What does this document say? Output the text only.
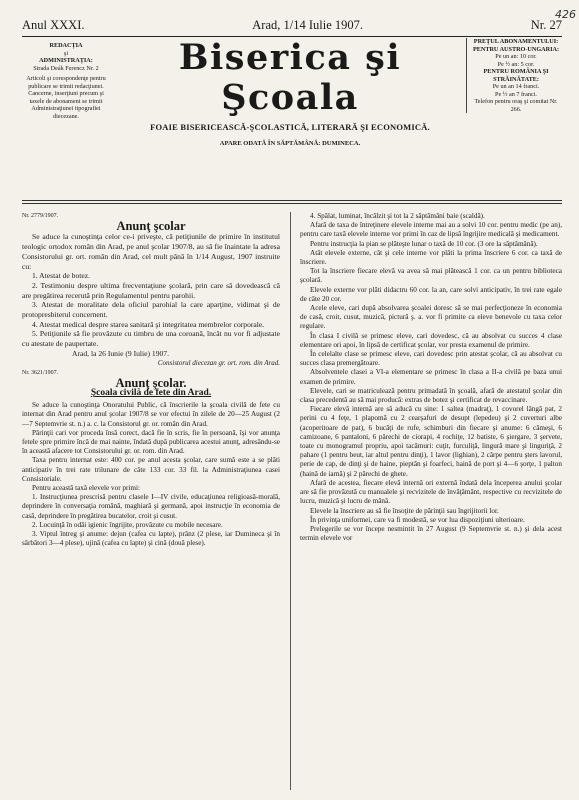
Anul XXXI.	Arad, 1/14 Iulie 1907.	Nr. 27
426
REDACŢIA
şi
ADMINISTRAŢIA:
Strada Deák Ferencz Nr. 2
Articoli şi corespondenţe pentru publicare se trimit redacţiunei.
Cancerne, inserţiuni precum şi taxele de abonament se trimit Administraţiunei tipografiei diecezane.
Biserica şi Şcoala
FOAIE BISERICEASCĂ-ŞCOLASTICĂ, LITERARĂ ŞI ECONOMICĂ.
APARE ODATĂ ÎN SĂPTĂMÂNĂ: DUMINECA.
PREŢUL ABONAMENTULUI:
PENTRU AUSTRO-UNGARIA:
Pe un an: 10 cor.
Pe ½ an: 5 cor.
PENTRU ROMÂNIA ŞI STRĂINĂTATE:
Pe un an 14 franci.
Pe ½ an 7 franci.
Telefon pentru oraş şi comitat Nr. 266.
Nr. 2779/1907.
Anunţ şcolar

Se aduce la cunoştinţa celor ce-i priveşte, că petiţiunile de primire în institutul teologic ortodox român din Arad, pe anul şcolar 1907/8, au să fie înaintate la adresa Consistorului gr. ort. român din Arad, cel mult până în 1/14 August, 1907 instruite cu:

1. Atestat de botez.

2. Testimoniu despre ultima frecventaţiune şcolară, prin care să dovedească că are pregătirea recerută prin Regulamentul pentru parohii.

3. Atestat de moralitate dela oficiul parohial la care aparţine, vidimat şi de protopresbiterul concernent.

4. Atestat medical despre starea sanitară şi integritatea membrelor corporale.

5. Petiţiunile să fie provăzute cu timbru de una coroană, încât nu vor fi adjustate cu atestate de paupertate.

Arad, la 26 Iunie (9 Iulie) 1907.

Consistorul diecezan gr. ort. rom. din Arad.
Nr. 3621/1907.
Anunţ şcolar.
Şcoala civilă de fete din Arad.

Se aduce la cunoştinţa Onoratului Public, că înscrierile la şcoala civilă de fete cu internat din Arad pentru anul şcolar 1907/8 se vor efectui în zilele de 20—25 August (2—7 Septemvrie st. n.) a. c. la Consistorul gr. or. român din Arad.

Părinţii cari vor proceda însă corect, dacă fie în scris, fie în persoană, îşi vor anunţa fetele spre primire încă de mai nainte, îndată după publicarea acestui anunţ, adresându-se în această afacere tot Consistorului gr. or. rom. din Arad.

Taxa pentru internat este: 400 cor. pe anul acesta şcolar, care sumă este a se plăti anticipativ în trei rate trilunare de câte 133 cor. 33 fil. la Administraţiunea casei Consistoriale.

Pentru această taxă elevele vor primi:

1. Instrucţiunea prescrisă pentru clasele I—IV civile, educaţiunea religioasă-morală, deprindere în conversaţia română, maghiară şi germană, apoi instrucţie în economia de casă, deprindere în pregătirea bucatelor, croit şi cusut.

2. Locuinţă în odăi igienic îngrijite, provăzute cu mobile necesare.

3. Viptul întreg şi anume: dejun (cafea cu lapte), prânz (2 plese, iar Dumineca şi în sărbători 3—4 plese), ujină (cafea cu lapte) şi cină (două plese).

4. Spălat, luminat, încălzit şi tot la 2 săptămâni baie (scaldă).

Afară de taxa de întreţinere elevele interne mai au a solvi 10 cor. pentru medic (pe an), pentru care taxă elevele interne vor primi în caz de lipsă îngrijire medicală şi medicament.

Pentru instrucţia la pian se plăteşte lunar o taxă de 10 cor. (3 ore la săptămână).

Atât elevele externe, cât şi cele interne vor plăti la prima înscriere 6 cor. ca taxă de înscriere.

Tot la înscriere fiecare elevă va avea să mai plătească 1 cor. ca un pentru biblioteca şcolară.

Elevele externe vor plăti didactru 60 cor. la an, care solvi anticipativ, în trei rate egale de câte 20 cor.

Acele eleve, cari după absolvarea şcoalei doresc să se mai perfecţioneze în economia de casă, croit, cusut, muzică, pictură ş. a. vor fi primite ca eleve benevole cu taxa celor regulare.

În clasa I civilă se primesc eleve, cari dovedesc, că au absolvat cu succes 4 clase elementare ori apoi, în lipsă de certificat şcolar, vor presta examenul de primire.

În celelalte clase se primesc eleve, cari dovedesc prin atestat şcolar, că au absolvat cu succes clasa premergătoare.

Absolventele clasei a VI-a elementare se primesc în clasa a II-a civilă pe baza unui examen de primire.

Elevele, cari se matriculează pentru primadată în şcoală, afară de atestatul şcolar din clasa precedentă au să mai producă: extras de botez şi certificat de revaccinare.

Fiecare elevă internă are să aducă cu sine: 1 saltea (madraţ), 1 covorel lângă pat, 2 perini cu 4 feţe, 1 plapomă cu 2 cearşafuri de desupt (lepedeu) şi 2 cuverturi albe (acoperitoare de pat), 6 bucăţi de rufe, schimburi din fiecare şi anume: 6 cămeşi, 6 camizoane, 6 pantaloni, 6 părechi de ciorapi, 4 rochiţe, 12 batiste, 6 şiergare, 3 şervete, toate cu monogramul propriu, apoi tacâmuri: cuţit, furculiţă, lingură mare şi linguriţă, 2 pahare (1 pentru beut, iar altul pentru dinţi), 1 lavor (lighian), 2 cârpe pentru şters lavorul, perie de cap, de dinţi şi de haine, pieptăn şi foarfeci, haină de port şi 4—6 şorţe, 1 palton (haină de iarnă) şi 2 părechi de ghete.

Afară de acestea, fiecare elevă internă ori externă îndată dela începerea anului şcolar are să fie provăzută cu manualele şi recvizitele de învăţământ, respective cu recvizitele de lucru, muzică şi lucru de mână.

Elevele la înscriere au să fie însoţite de părinţii sau îngrijitorii lor.

În privinţa uniformei, care va fi modestă, se vor lua dispoziţiuni ulterioare.

Prelegerile se vor începe nesmintit în 27 August (9 Septemvrie st. n.) şi dela acest termin elevele vor
